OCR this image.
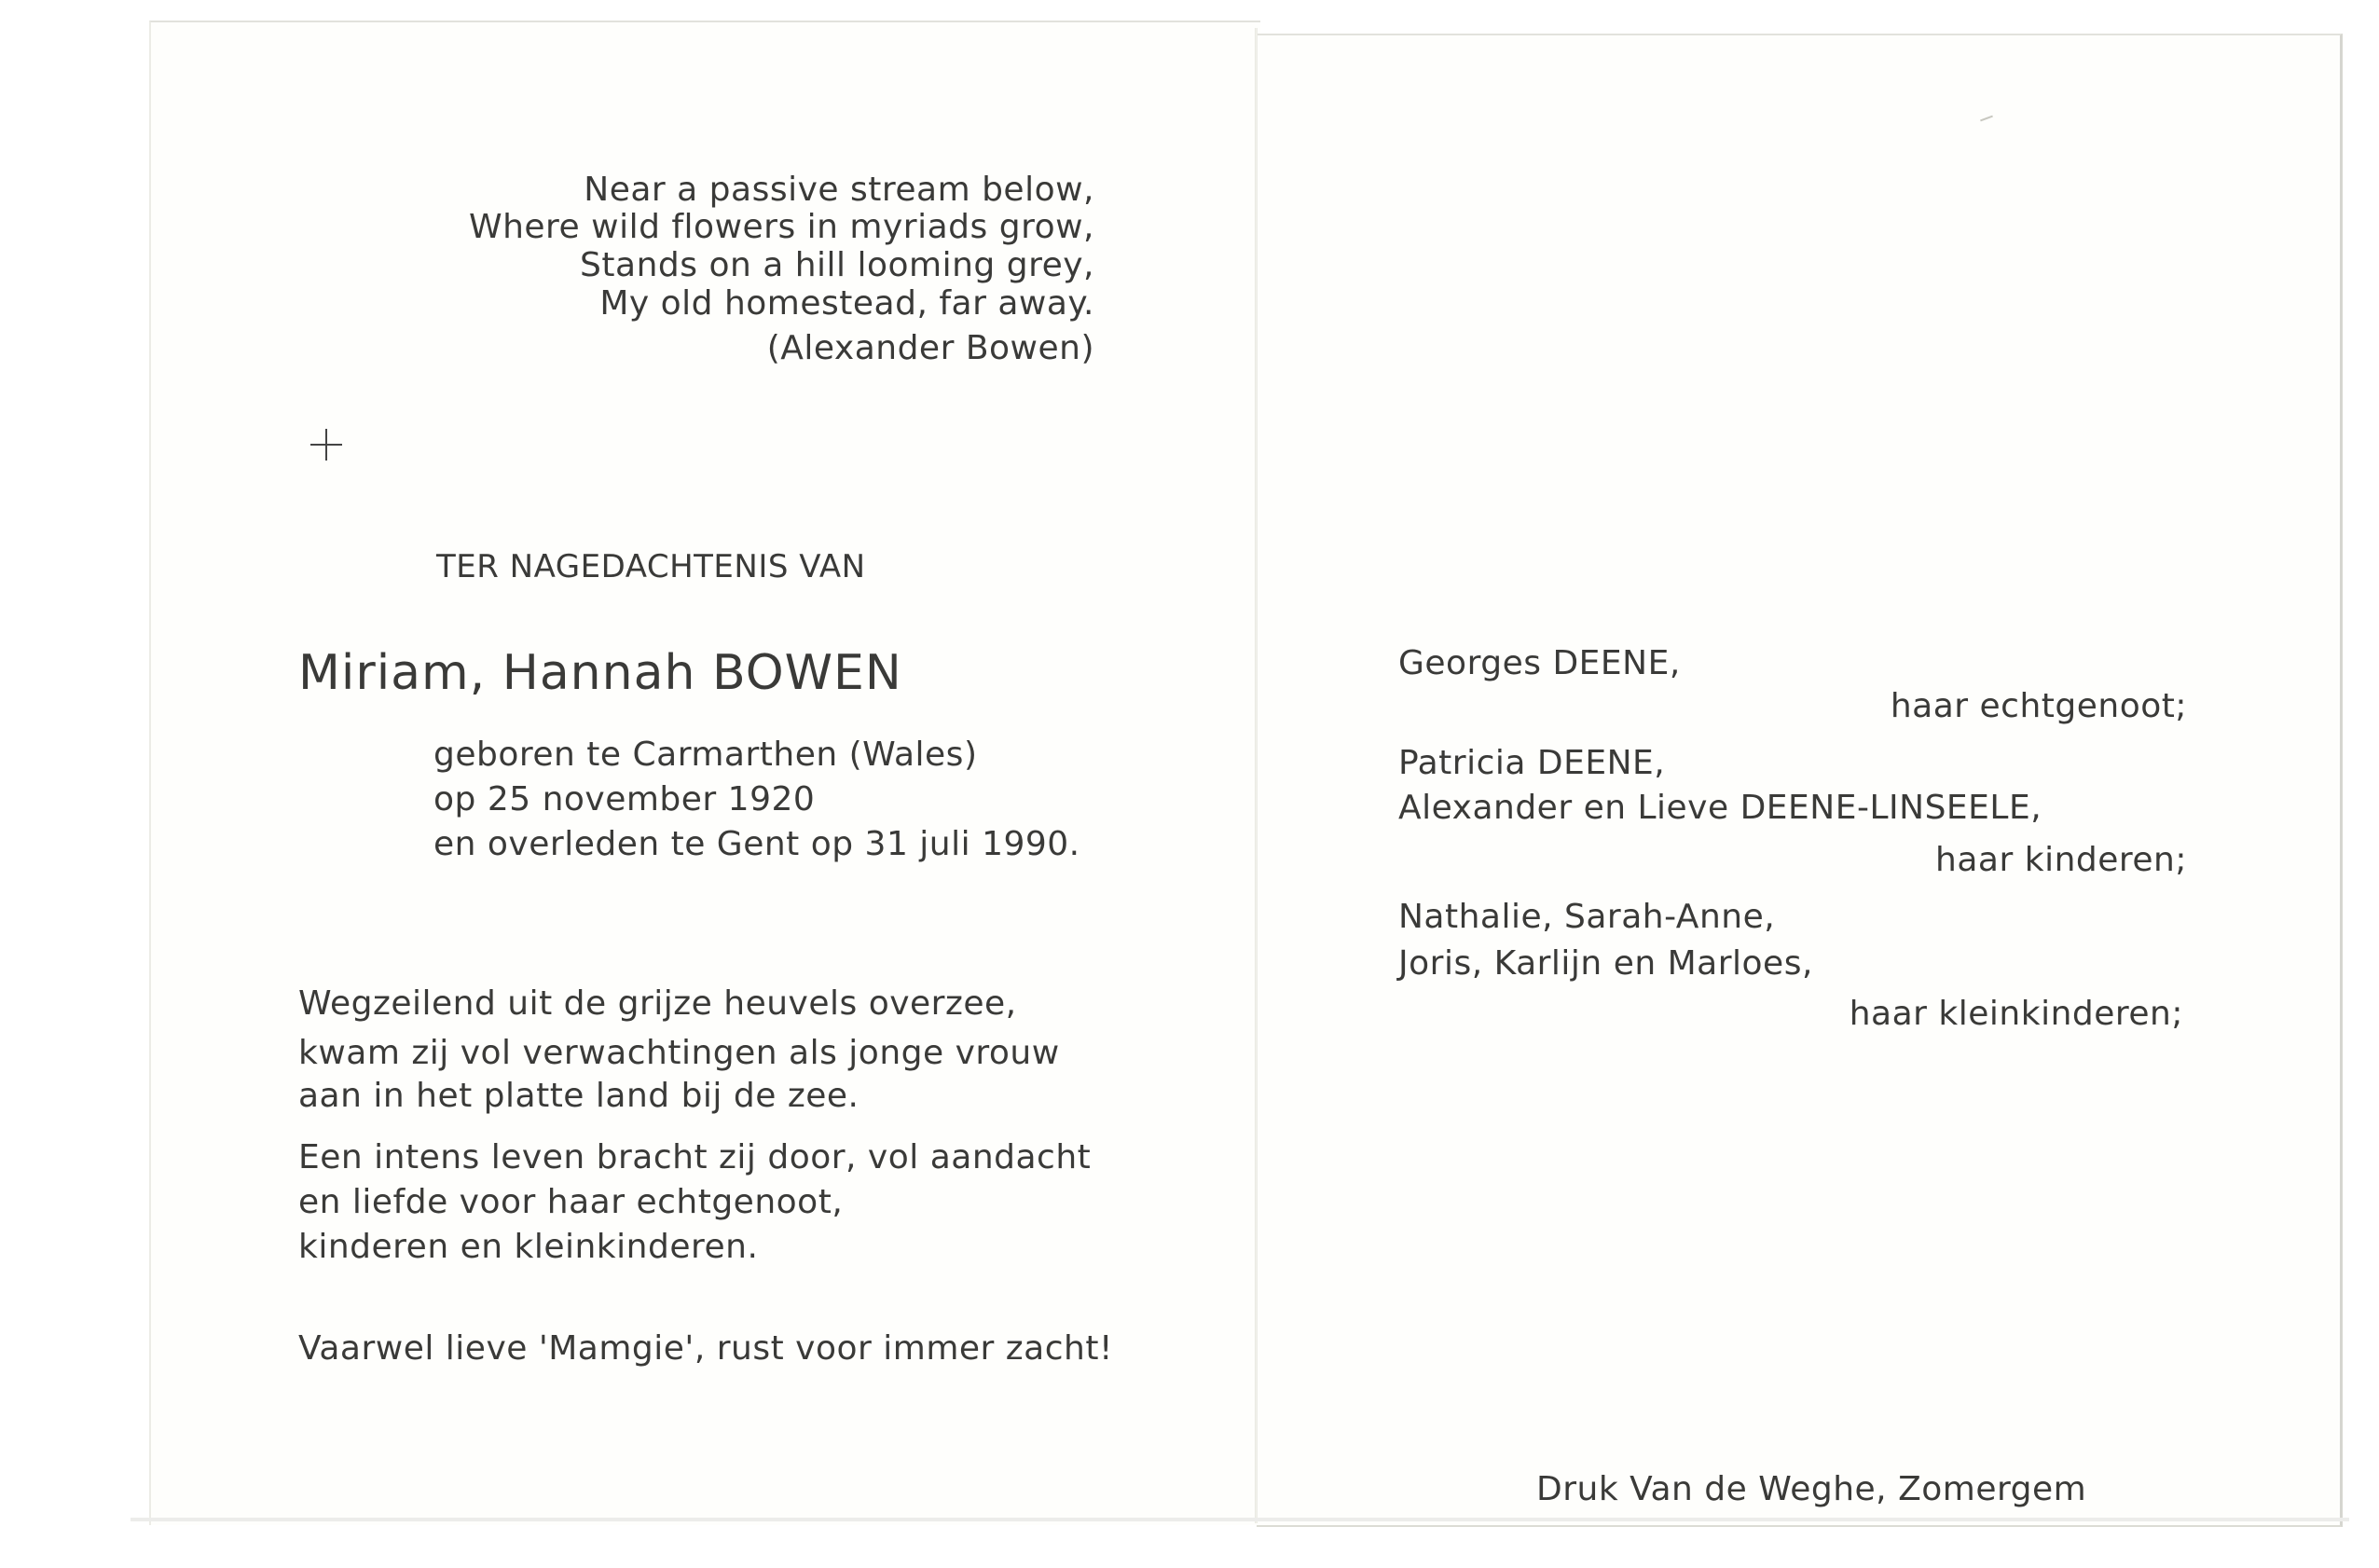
Near a passive stream below,
Where wild flowers in myriads grow,
Stands on a hill looming grey,
My old homestead, far away.
(Alexander Bowen)
TER NAGEDACHTENIS VAN
Miriam, Hannah BOWEN
geboren te Carmarthen (Wales)
op 25 november 1920
en overleden te Gent op 31 juli 1990.
Wegzeilend uit de grijze heuvels overzee,
kwam zij vol verwachtingen als jonge vrouw
aan in het platte land bij de zee.
Een intens leven bracht zij door, vol aandacht
en liefde voor haar echtgenoot,
kinderen en kleinkinderen.
Vaarwel lieve 'Mamgie', rust voor immer zacht!
Georges DEENE,
haar echtgenoot;
Patricia DEENE,
Alexander en Lieve DEENE-LINSEELE,
haar kinderen;
Nathalie, Sarah-Anne,
Joris, Karlijn en Marloes,
haar kleinkinderen;
Druk Van de Weghe, Zomergem
